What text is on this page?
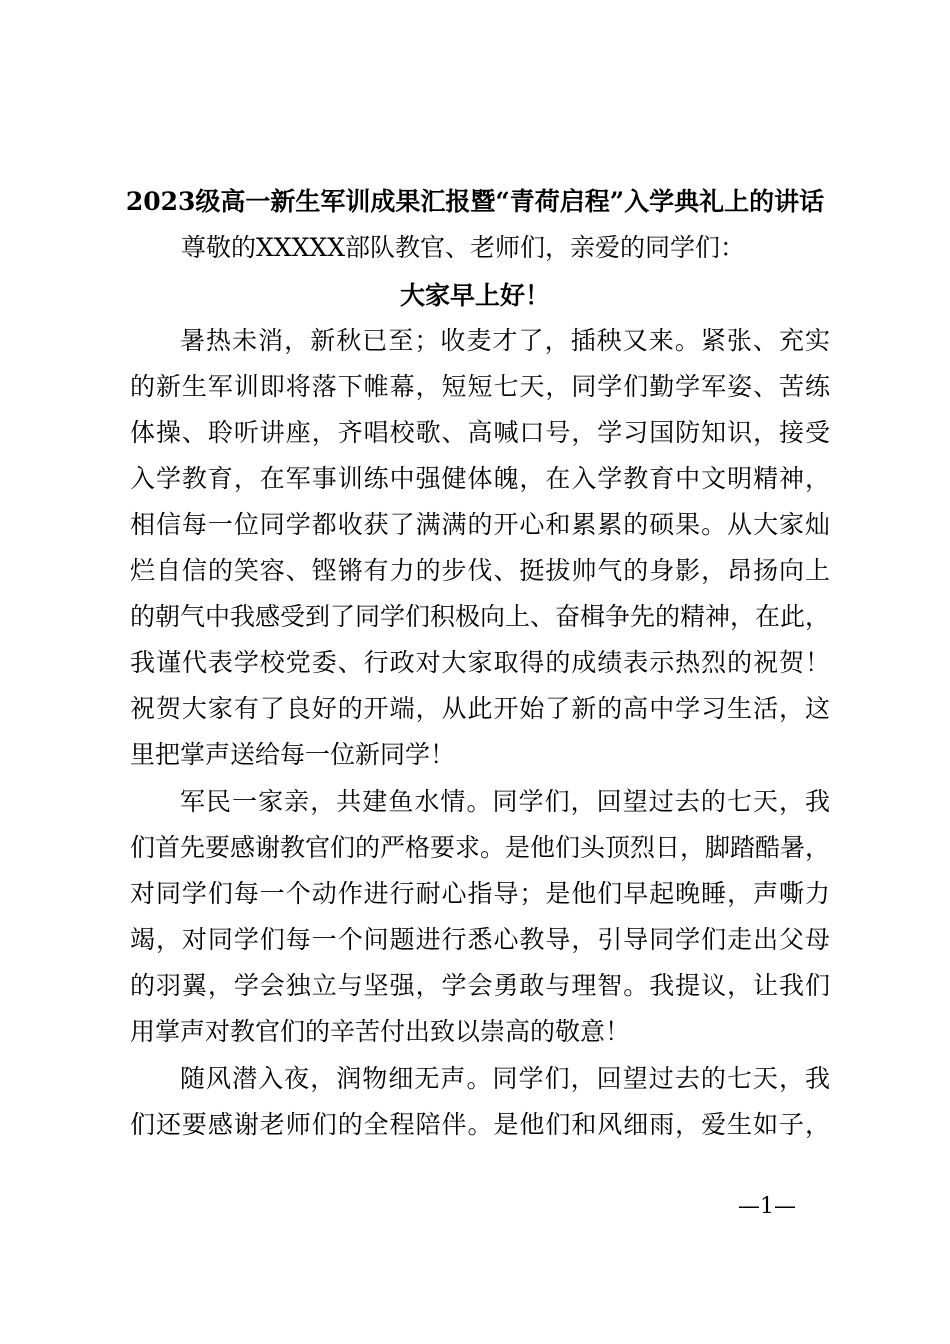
2023级高一新生军训成果汇报暨“青荷启程”入学典礼上的讲话
尊敬的XXXXX部队教官、老师们，亲爱的同学们：
大家早上好！
暑热未消，新秋已至；收麦才了，插秧又来。紧张、充实
的新生军训即将落下帷幕，短短七天，同学们勤学军姿、苦练
体操、聆听讲座，齐唱校歌、高喊口号，学习国防知识，接受
入学教育，在军事训练中强健体魄，在入学教育中文明精神，
相信每一位同学都收获了满满的开心和累累的硕果。从大家灿
烂自信的笑容、铿锵有力的步伐、挺拔帅气的身影，昂扬向上
的朝气中我感受到了同学们积极向上、奋楫争先的精神，在此，
我谨代表学校党委、行政对大家取得的成绩表示热烈的祝贺！
祝贺大家有了良好的开端，从此开始了新的高中学习生活，这
里把掌声送给每一位新同学！
军民一家亲，共建鱼水情。同学们，回望过去的七天，我
们首先要感谢教官们的严格要求。是他们头顶烈日，脚踏酷暑，
对同学们每一个动作进行耐心指导；是他们早起晚睡，声嘶力
竭，对同学们每一个问题进行悉心教导，引导同学们走出父母
的羽翼，学会独立与坚强，学会勇敢与理智。我提议，让我们
用掌声对教官们的辛苦付出致以崇高的敬意！
随风潜入夜，润物细无声。同学们，回望过去的七天，我
们还要感谢老师们的全程陪伴。是他们和风细雨，爱生如子，
—1—
